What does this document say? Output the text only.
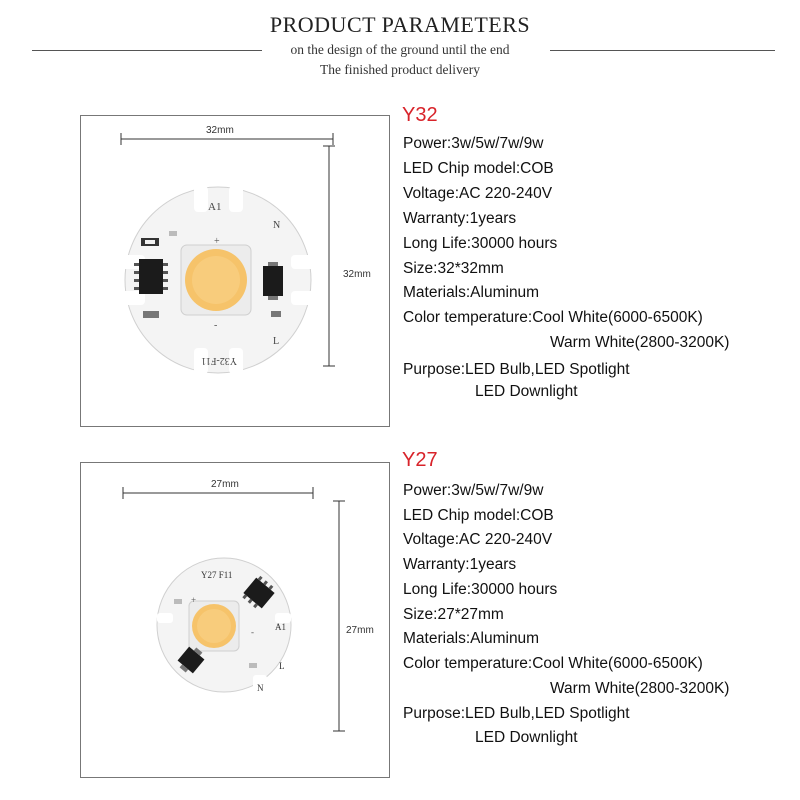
PRODUCT PARAMETERS
on the design of the ground until the end
The finished product delivery
32mm
32mm
A1
+
-
N
L
Y32-F11
Y32
Power:3w/5w/7w/9w
LED Chip model:COB
Voltage:AC 220-240V
Warranty:1years
Long Life:30000 hours
Size:32*32mm
Materials:Aluminum
Color temperature:Cool White(6000-6500K)
Warm White(2800-3200K)
Purpose:LED Bulb,LED Spotlight
LED Downlight
27mm
27mm
Y27 F11
+
- A1
L
N
Y27
Power:3w/5w/7w/9w
LED Chip model:COB
Voltage:AC 220-240V
Warranty:1years
Long Life:30000 hours
Size:27*27mm
Materials:Aluminum
Color temperature:Cool White(6000-6500K)
Warm White(2800-3200K)
Purpose:LED Bulb,LED Spotlight
LED Downlight
